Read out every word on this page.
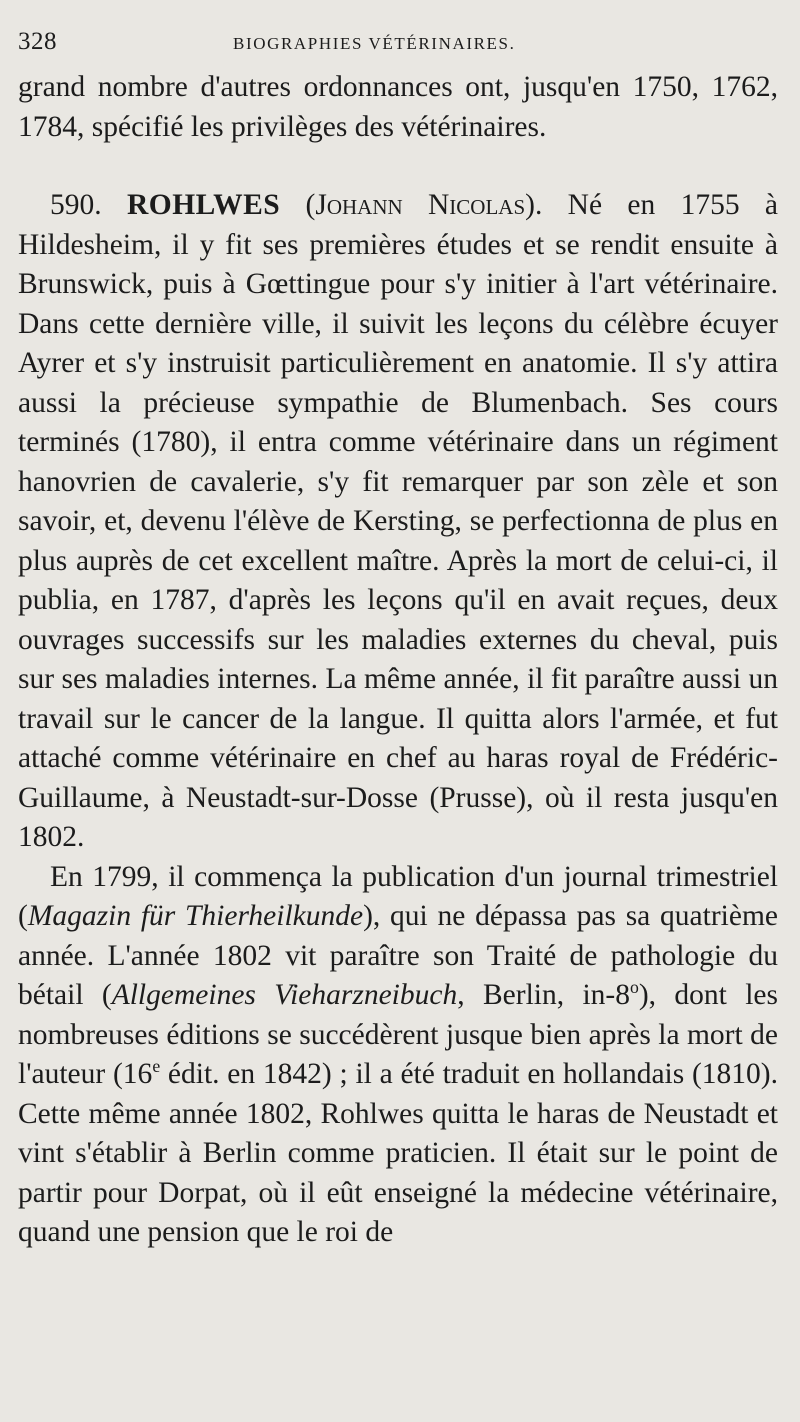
328	BIOGRAPHIES VÉTÉRINAIRES.

grand nombre d'autres ordonnances ont, jusqu'en 1750, 1762, 1784, spécifié les privilèges des vétérinaires.

590. ROHLWES (Johann Nicolas). Né en 1755 à Hildesheim, il y fit ses premières études et se rendit ensuite à Brunswick, puis à Gœttingue pour s'y initier à l'art vétérinaire. Dans cette dernière ville, il suivit les leçons du célèbre écuyer Ayrer et s'y instruisit particulièrement en anatomie. Il s'y attira aussi la précieuse sympathie de Blumenbach. Ses cours terminés (1780), il entra comme vétérinaire dans un régiment hanovrien de cavalerie, s'y fit remarquer par son zèle et son savoir, et, devenu l'élève de Kersting, se perfectionna de plus en plus auprès de cet excellent maître. Après la mort de celui-ci, il publia, en 1787, d'après les leçons qu'il en avait reçues, deux ouvrages successifs sur les maladies externes du cheval, puis sur ses maladies internes. La même année, il fit paraître aussi un travail sur le cancer de la langue. Il quitta alors l'armée, et fut attaché comme vétérinaire en chef au haras royal de Frédéric-Guillaume, à Neustadt-sur-Dosse (Prusse), où il resta jusqu'en 1802.

En 1799, il commença la publication d'un journal trimestriel (Magazin für Thierheilkunde), qui ne dépassa pas sa quatrième année. L'année 1802 vit paraître son Traité de pathologie du bétail (Allgemeines Vieharzneibuch, Berlin, in-8$^o$), dont les nombreuses éditions se succédèrent jusque bien après la mort de l'auteur (16e édit. en 1842) ; il a été traduit en hollandais (1810). Cette même année 1802, Rohlwes quitta le haras de Neustadt et vint s'établir à Berlin comme praticien. Il était sur le point de partir pour Dorpat, où il eût enseigné la médecine vétérinaire, quand une pension que le roi de
